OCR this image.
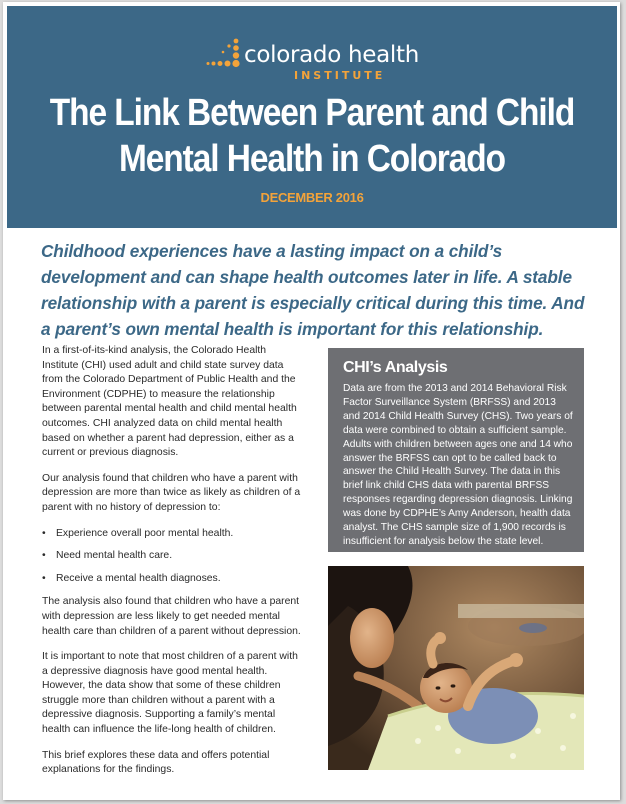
colorado health
INSTITUTE
The Link Between Parent and Child
Mental Health in Colorado
DECEMBER 2016
Childhood experiences have a lasting impact on a child’s development and can shape health outcomes later in life. A stable relationship with a parent is especially critical during this time. And a parent’s own mental health is important for this relationship.

In a first-of-its-kind analysis, the Colorado Health Institute (CHI) used adult and child state survey data from the Colorado Department of Public Health and the Environment (CDPHE) to measure the relationship between parental mental health and child mental health outcomes. CHI analyzed data on child mental health based on whether a parent had depression, either as a current or previous diagnosis.

Our analysis found that children who have a parent with depression are more than twice as likely as children of a parent with no history of depression to:

• Experience overall poor mental health.
• Need mental health care.
• Receive a mental health diagnoses.

The analysis also found that children who have a parent with depression are less likely to get needed mental health care than children of a parent without depression.

It is important to note that most children of a parent with a depressive diagnosis have good mental health. However, the data show that some of these children struggle more than children without a parent with a depressive diagnosis. Supporting a family’s mental health can influence the life-long health of children.

This brief explores these data and offers potential explanations for the findings.

CHI’s Analysis
Data are from the 2013 and 2014 Behavioral Risk Factor Surveillance System (BRFSS) and 2013 and 2014 Child Health Survey (CHS). Two years of data were combined to obtain a sufficient sample. Adults with children between ages one and 14 who answer the BRFSS can opt to be called back to answer the Child Health Survey. The data in this brief link child CHS data with parental BRFSS responses regarding depression diagnosis. Linking was done by CDPHE’s Amy Anderson, health data analyst. The CHS sample size of 1,900 records is insufficient for analysis below the state level.
